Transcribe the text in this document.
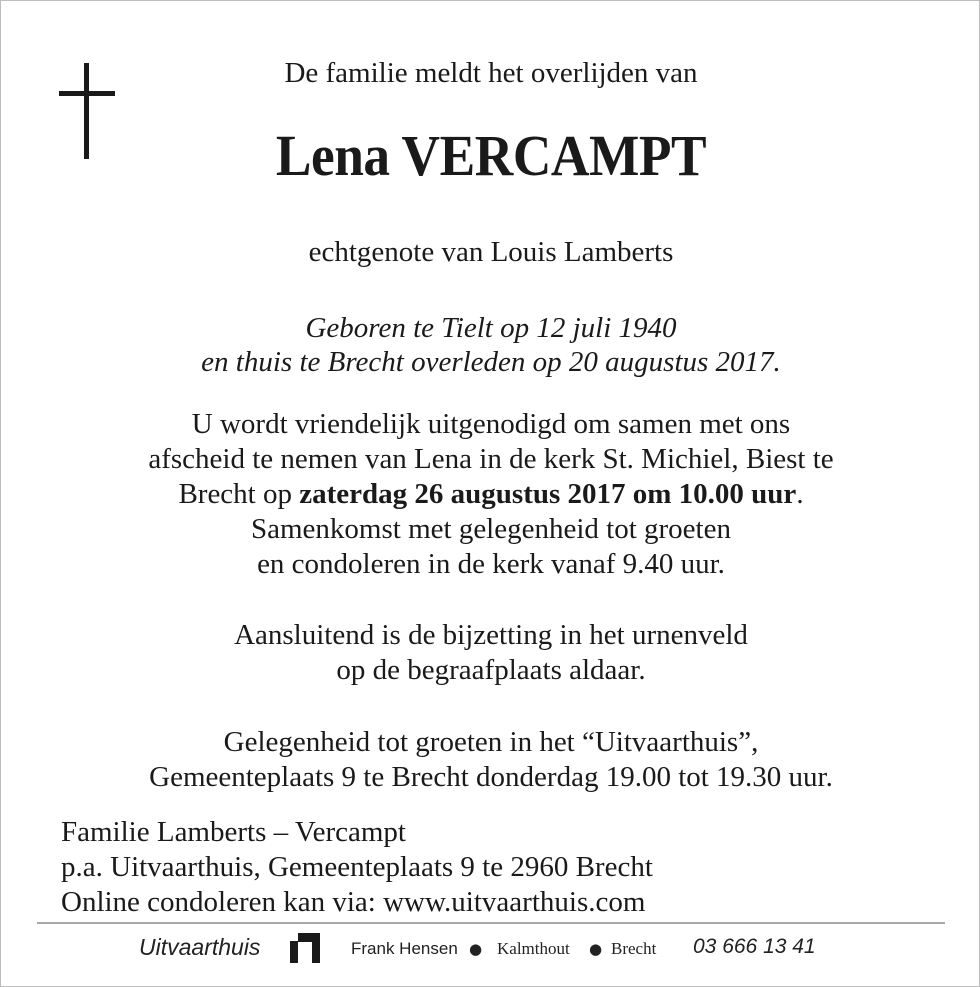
De familie meldt het overlijden van
Lena VERCAMPT
echtgenote van Louis Lamberts
Geboren te Tielt op 12 juli 1940
en thuis te Brecht overleden op 20 augustus 2017.
U wordt vriendelijk uitgenodigd om samen met ons
afscheid te nemen van Lena in de kerk St. Michiel, Biest te
Brecht op zaterdag 26 augustus 2017 om 10.00 uur.
Samenkomst met gelegenheid tot groeten
en condoleren in de kerk vanaf 9.40 uur.
Aansluitend is de bijzetting in het urnenveld
op de begraafplaats aldaar.
Gelegenheid tot groeten in het “Uitvaarthuis”,
Gemeenteplaats 9 te Brecht donderdag 19.00 tot 19.30 uur.
Familie Lamberts – Vercampt
p.a. Uitvaarthuis, Gemeenteplaats 9 te 2960 Brecht
Online condoleren kan via: www.uitvaarthuis.com
Uitvaarthuis	Frank Hensen ● Kalmthout ● Brecht 03 666 13 41
